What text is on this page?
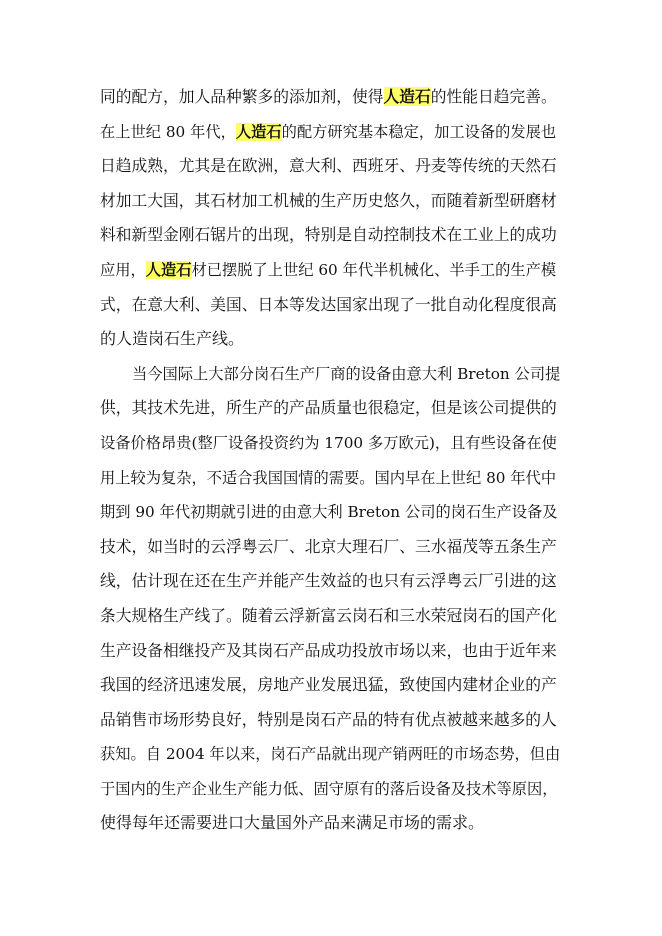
同的配方，加人品种繁多的添加剂，使得人造石的性能日趋完善。
在上世纪 80 年代，人造石的配方研究基本稳定，加工设备的发展也
日趋成熟，尤其是在欧洲，意大利、西班牙、丹麦等传统的天然石
材加工大国，其石材加工机械的生产历史悠久，而随着新型研磨材
料和新型金刚石锯片的出现，特别是自动控制技术在工业上的成功
应用，人造石材已摆脱了上世纪 60 年代半机械化、半手工的生产模
式，在意大利、美国、日本等发达国家出现了一批自动化程度很高
的人造岗石生产线。
当今国际上大部分岗石生产厂商的设备由意大利 Breton 公司提
供，其技术先进，所生产的产品质量也很稳定，但是该公司提供的
设备价格昂贵(整厂设备投资约为 1700 多万欧元)，且有些设备在使
用上较为复杂，不适合我国国情的需要。国内早在上世纪 80 年代中
期到 90 年代初期就引进的由意大利 Breton 公司的岗石生产设备及
技术，如当时的云浮粤云厂、北京大理石厂、三水福茂等五条生产
线，估计现在还在生产并能产生效益的也只有云浮粤云厂引进的这
条大规格生产线了。随着云浮新富云岗石和三水荣冠岗石的国产化
生产设备相继投产及其岗石产品成功投放市场以来，也由于近年来
我国的经济迅速发展，房地产业发展迅猛，致使国内建材企业的产
品销售市场形势良好，特别是岗石产品的特有优点被越来越多的人
获知。自 2004 年以来，岗石产品就出现产销两旺的市场态势，但由
于国内的生产企业生产能力低、固守原有的落后设备及技术等原因，
使得每年还需要进口大量国外产品来满足市场的需求。
